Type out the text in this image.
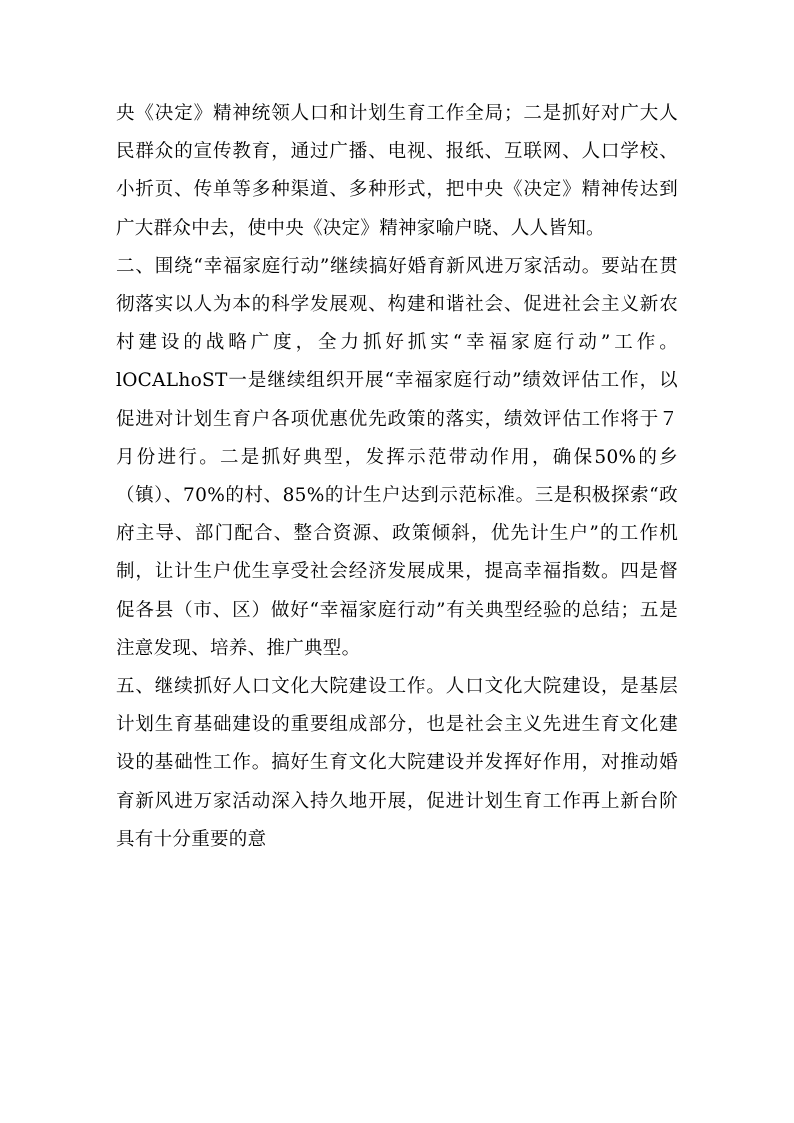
央《决定》精神统领人口和计划生育工作全局；二是抓好对广大人民群众的宣传教育，通过广播、电视、报纸、互联网、人口学校、小折页、传单等多种渠道、多种形式，把中央《决定》精神传达到广大群众中去，使中央《决定》精神家喻户晓、人人皆知。

二、围绕“幸福家庭行动”继续搞好婚育新风进万家活动。要站在贯彻落实以人为本的科学发展观、构建和谐社会、促进社会主义新农村建设的战略广度，全力抓好抓实“幸福家庭行动”工作。lOCALhoST一是继续组织开展“幸福家庭行动”绩效评估工作，以促进对计划生育户各项优惠优先政策的落实，绩效评估工作将于７月份进行。二是抓好典型，发挥示范带动作用，确保50%的乡（镇）、70%的村、85%的计生户达到示范标准。三是积极探索“政府主导、部门配合、整合资源、政策倾斜，优先计生户”的工作机制，让计生户优生享受社会经济发展成果，提高幸福指数。四是督促各县（市、区）做好“幸福家庭行动”有关典型经验的总结；五是注意发现、培养、推广典型。

五、继续抓好人口文化大院建设工作。人口文化大院建设，是基层计划生育基础建设的重要组成部分，也是社会主义先进生育文化建设的基础性工作。搞好生育文化大院建设并发挥好作用，对推动婚育新风进万家活动深入持久地开展，促进计划生育工作再上新台阶具有十分重要的意
